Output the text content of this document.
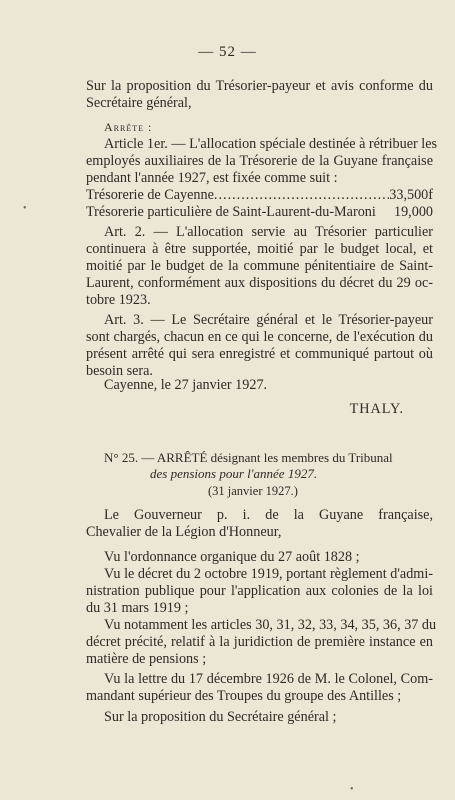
— 52 —
Sur la proposition du Trésorier-payeur et avis conforme du
Secrétaire général,
Arrête :
Article 1er. — L'allocation spéciale destinée à rétribuer les
employés auxiliaires de la Trésorerie de la Guyane française
pendant l'année 1927, est fixée comme suit :
Trésorerie de Cayenne
.....	33,500f
Trésorerie particulière de Saint-Laurent-du-Maroni 19,000
Art. 2. — L'allocation servie au Trésorier particulier
continuera à être supportée, moitié par le budget local, et
moitié par le budget de la commune pénitentiaire de Saint-
Laurent, conformément aux dispositions du décret du 29 oc-
tobre 1923.
Art. 3. — Le Secrétaire général et le Trésorier-payeur
sont chargés, chacun en ce qui le concerne, de l'exécution du
présent arrêté qui sera enregistré et communiqué partout où
besoin sera.
Cayenne, le 27 janvier 1927.
THALY.
N° 25. — ARRÊTÉ désignant les membres du Tribunal
des pensions pour l'année 1927.
(31 janvier 1927.)
Le Gouverneur p. i. de la Guyane française,
Chevalier de la Légion d'Honneur,
Vu l'ordonnance organique du 27 août 1828 ;
Vu le décret du 2 octobre 1919, portant règlement d'admi-
nistration publique pour l'application aux colonies de la loi
du 31 mars 1919 ;
Vu notamment les articles 30, 31, 32, 33, 34, 35, 36, 37 du
décret précité, relatif à la juridiction de première instance en
matière de pensions ;
Vu la lettre du 17 décembre 1926 de M. le Colonel, Com-
mandant supérieur des Troupes du groupe des Antilles ;
Sur la proposition du Secrétaire général ;
•
•
